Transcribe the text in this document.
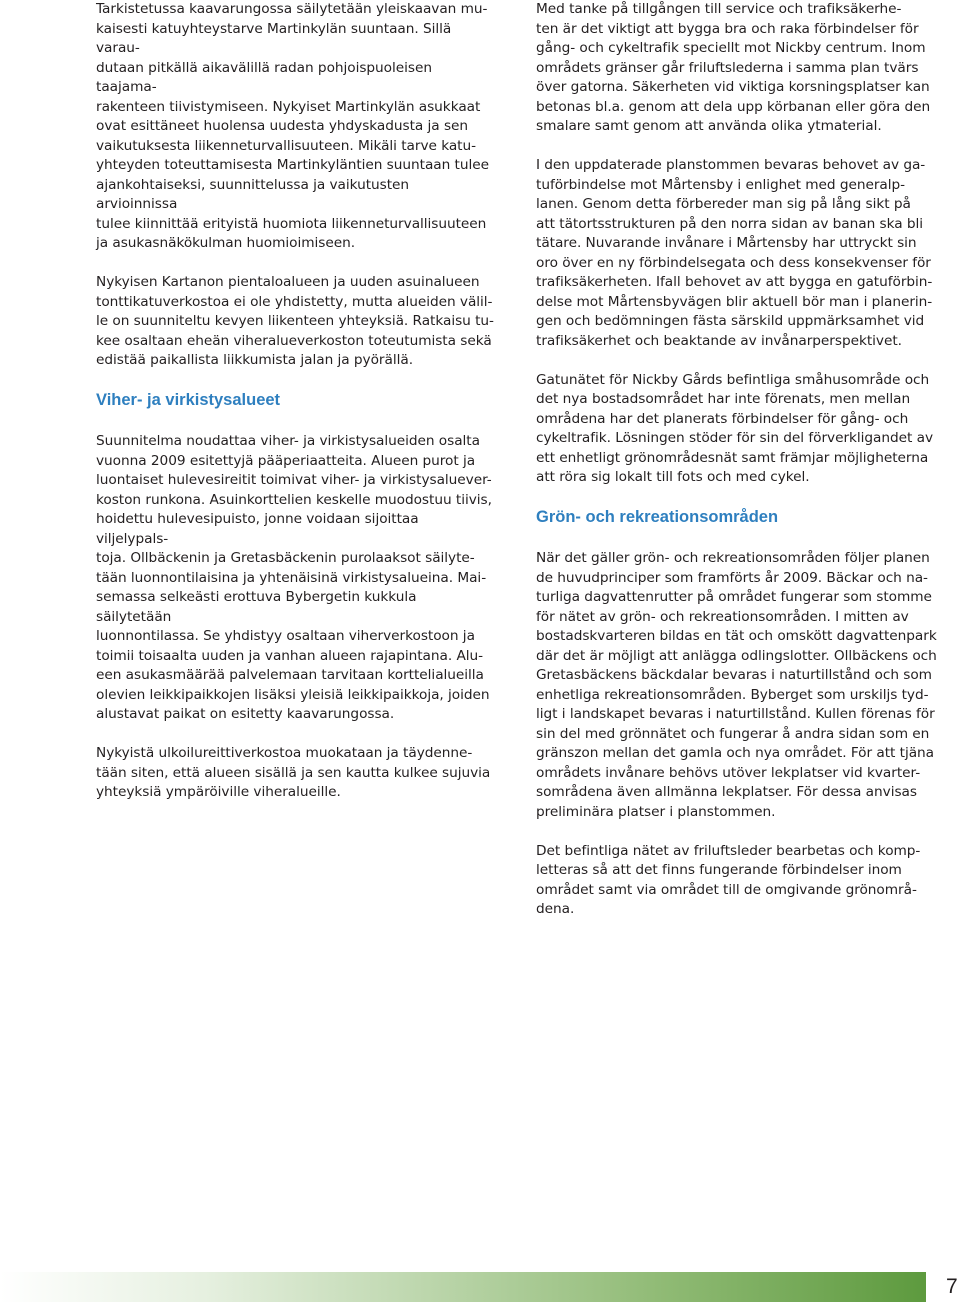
Tarkistetussa kaavarungossa säilytetään yleiskaavan mu-
kaisesti katuyhteystarve Martinkylän suuntaan. Sillä varau-
dutaan pitkällä aikavälillä radan pohjoispuoleisen taajama-
rakenteen tiivistymiseen. Nykyiset Martinkylän asukkaat
ovat esittäneet huolensa uudesta yhdyskadusta ja sen
vaikutuksesta liikenneturvallisuuteen. Mikäli tarve katu-
yhteyden toteuttamisesta Martinkyläntien suuntaan tulee
ajankohtaiseksi, suunnittelussa ja vaikutusten arvioinnissa
tulee kiinnittää erityistä huomiota liikenneturvallisuuteen
ja asukasnäkökulman huomioimiseen.

Nykyisen Kartanon pientaloalueen ja uuden asuinalueen
tonttikatuverkostoa ei ole yhdistetty, mutta alueiden välil-
le on suunniteltu kevyen liikenteen yhteyksiä. Ratkaisu tu-
kee osaltaan eheän viheralueverkoston toteutumista sekä
edistää paikallista liikkumista jalan ja pyörällä.

Viher- ja virkistysalueet

Suunnitelma noudattaa viher- ja virkistysalueiden osalta
vuonna 2009 esitettyjä pääperiaatteita. Alueen purot ja
luontaiset hulevesireitit toimivat viher- ja virkistysaluever-
koston runkona. Asuinkorttelien keskelle muodostuu tiivis,
hoidettu hulevesipuisto, jonne voidaan sijoittaa viljelypals-
toja. Ollbäckenin ja Gretasbäckenin purolaaksot säilyte-
tään luonnontilaisina ja yhtenäisinä virkistysalueina. Mai-
semassa selkeästi erottuva Bybergetin kukkula säilytetään
luonnontilassa. Se yhdistyy osaltaan viherverkostoon ja
toimii toisaalta uuden ja vanhan alueen rajapintana. Alu-
een asukasmäärää palvelemaan tarvitaan korttelialueilla
olevien leikkipaikkojen lisäksi yleisiä leikkipaikkoja, joiden
alustavat paikat on esitetty kaavarungossa.

Nykyistä ulkoilureittiverkostoa muokataan ja täydenne-
tään siten, että alueen sisällä ja sen kautta kulkee sujuvia
yhteyksiä ympäröiville viheralueille.

Med tanke på tillgången till service och trafiksäkerhe-
ten är det viktigt att bygga bra och raka förbindelser för
gång- och cykeltrafik speciellt mot Nickby centrum. Inom
områdets gränser går friluftslederna i samma plan tvärs
över gatorna. Säkerheten vid viktiga korsningsplatser kan
betonas bl.a. genom att dela upp körbanan eller göra den
smalare samt genom att använda olika ytmaterial.

I den uppdaterade planstommen bevaras behovet av ga-
tuförbindelse mot Mårtensby i enlighet med generalp-
lanen. Genom detta förbereder man sig på lång sikt på
att tätortsstrukturen på den norra sidan av banan ska bli
tätare. Nuvarande invånare i Mårtensby har uttryckt sin
oro över en ny förbindelsegata och dess konsekvenser för
trafiksäkerheten. Ifall behovet av att bygga en gatuförbin-
delse mot Mårtensbyvägen blir aktuell bör man i planerin-
gen och bedömningen fästa särskild uppmärksamhet vid
trafiksäkerhet och beaktande av invånarperspektivet.

Gatunätet för Nickby Gårds befintliga småhusområde och
det nya bostadsområdet har inte förenats, men mellan
områdena har det planerats förbindelser för gång- och
cykeltrafik. Lösningen stöder för sin del förverkligandet av
ett enhetligt grönområdesnät samt främjar möjligheterna
att röra sig lokalt till fots och med cykel.

Grön- och rekreationsområden

När det gäller grön- och rekreationsområden följer planen
de huvudprinciper som framförts år 2009. Bäckar och na-
turliga dagvattenrutter på området fungerar som stomme
för nätet av grön- och rekreationsområden. I mitten av
bostadskvarteren bildas en tät och omskött dagvattenpark
där det är möjligt att anlägga odlingslotter. Ollbäckens och
Gretasbäckens bäckdalar bevaras i naturtillstånd och som
enhetliga rekreationsområden. Byberget som urskiljs tyd-
ligt i landskapet bevaras i naturtillstånd. Kullen förenas för
sin del med grönnätet och fungerar å andra sidan som en
gränszon mellan det gamla och nya området. För att tjäna
områdets invånare behövs utöver lekplatser vid kvarter-
sområdena även allmänna lekplatser. För dessa anvisas
preliminära platser i planstommen.

Det befintliga nätet av friluftsleder bearbetas och komp-
letteras så att det finns fungerande förbindelser inom
området samt via området till de omgivande grönområ-
dena.

7
